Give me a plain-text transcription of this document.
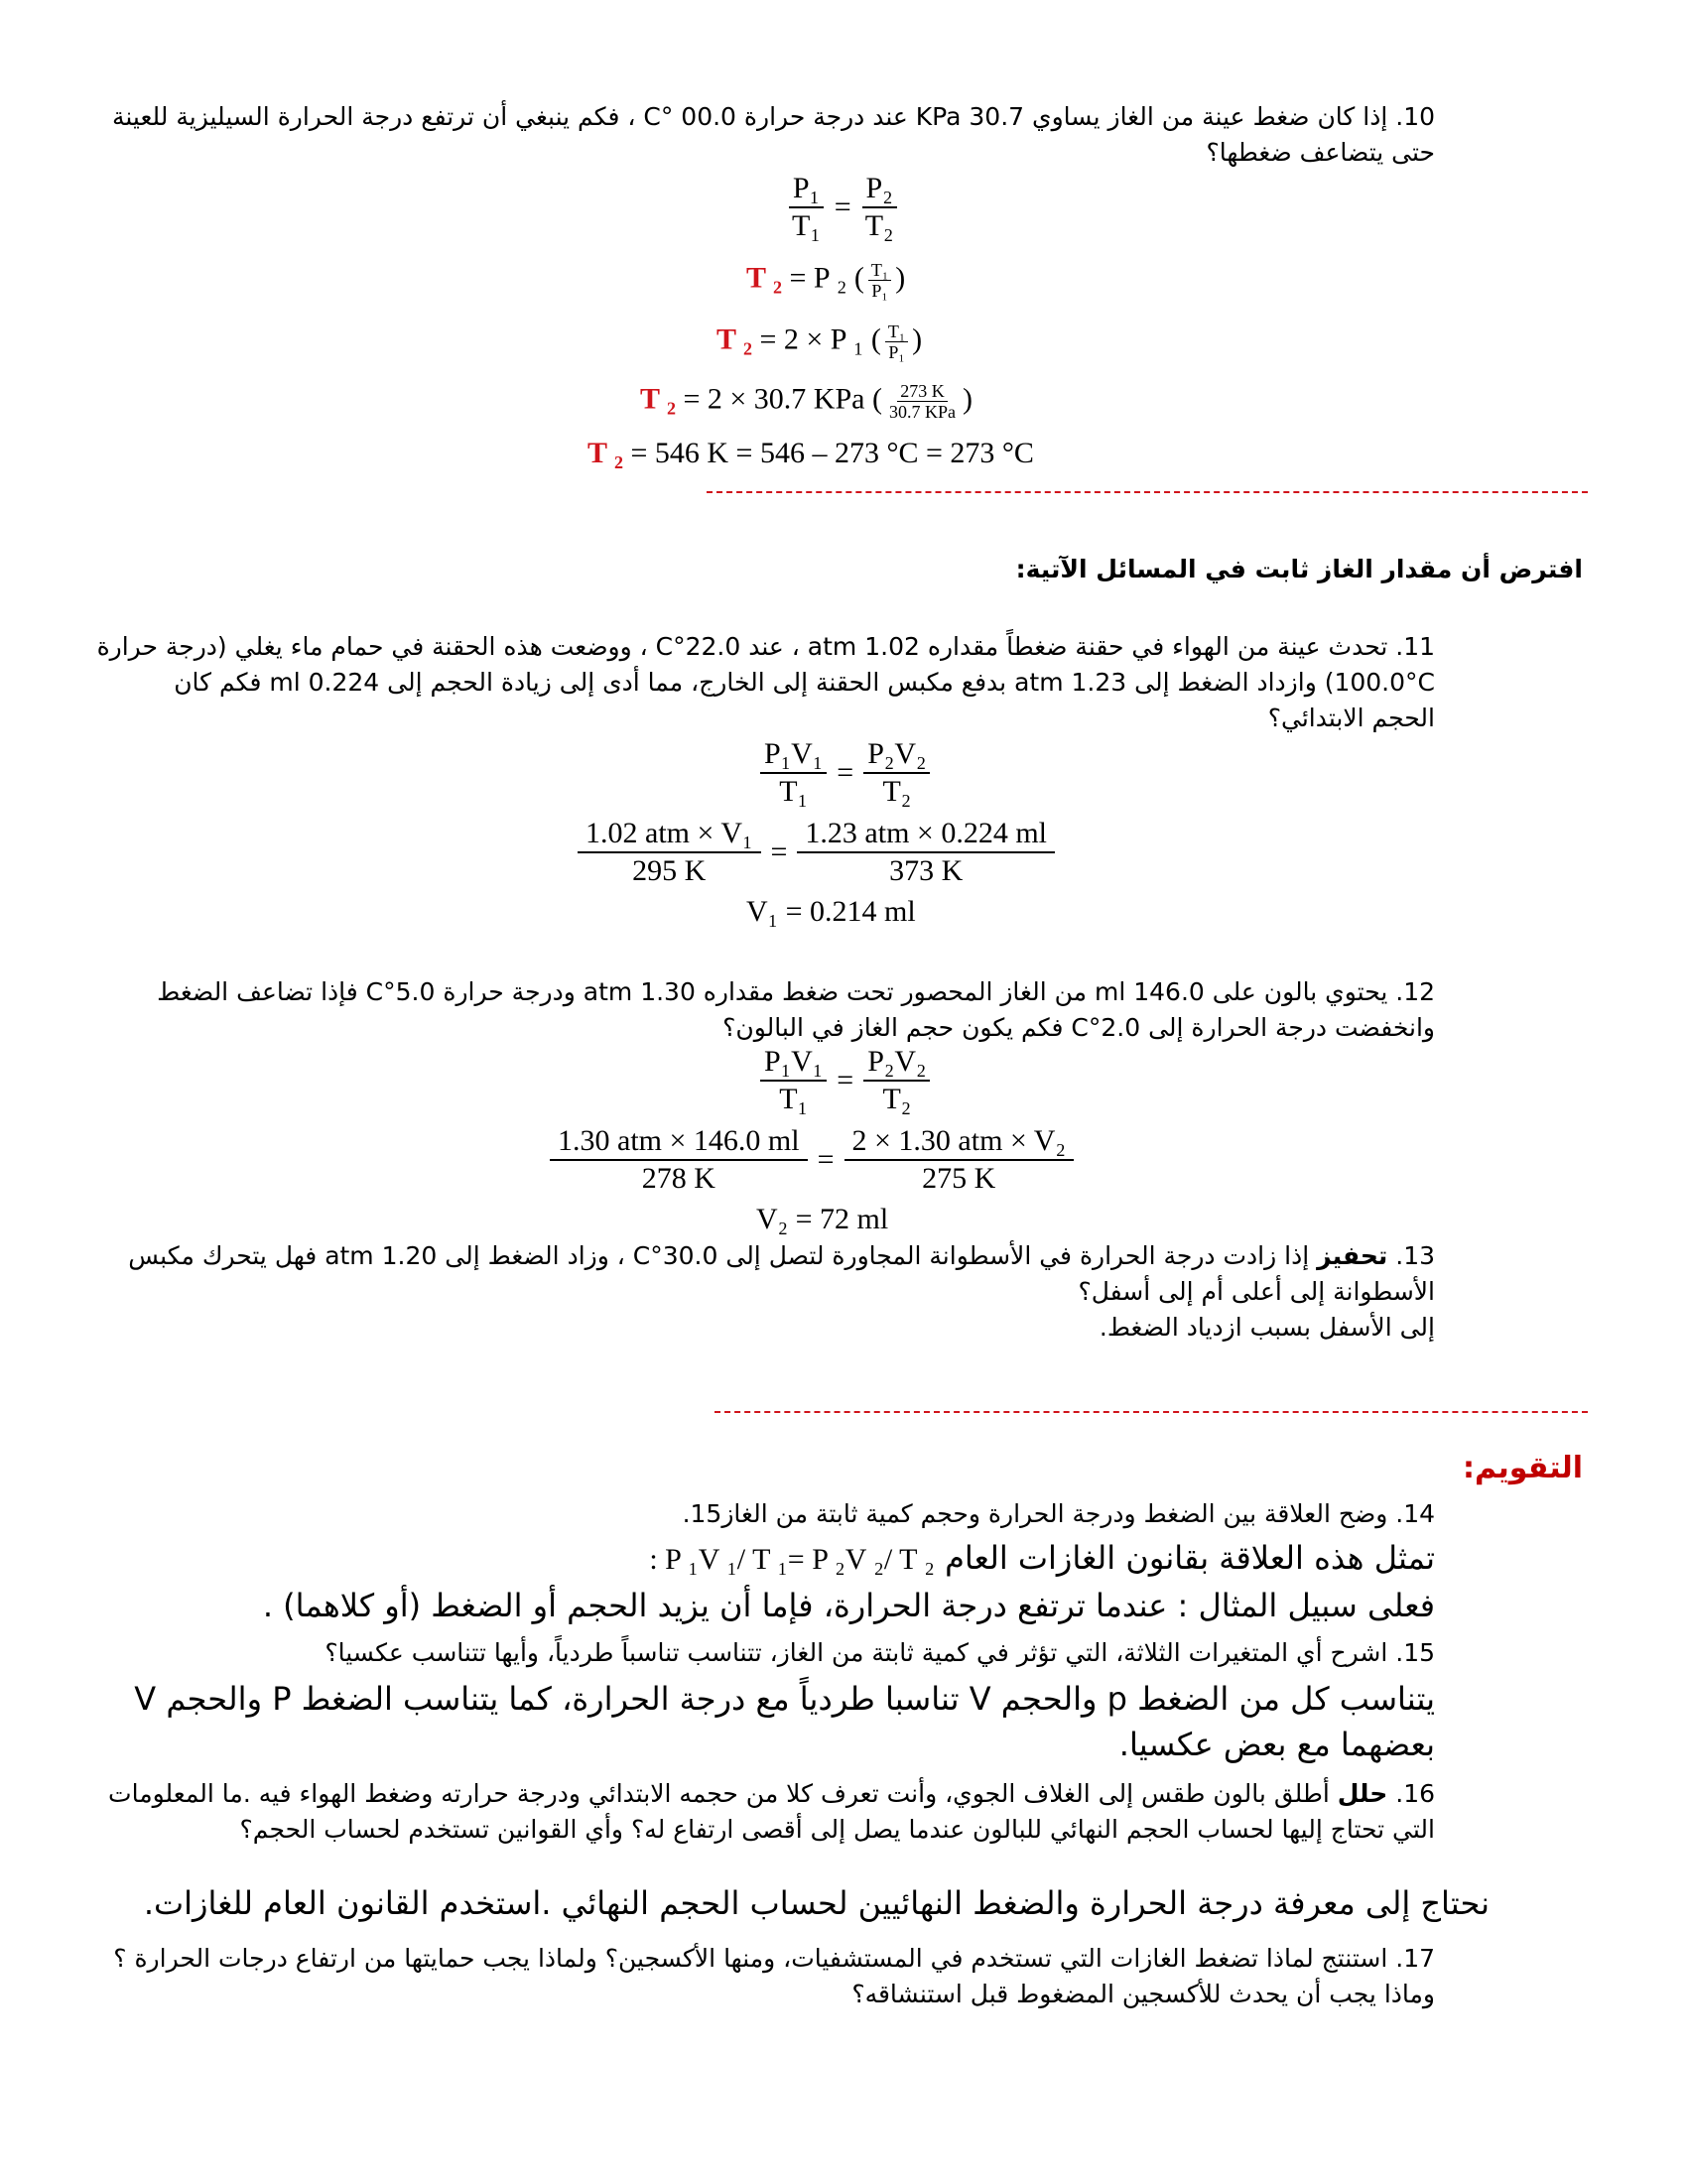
10. إذا كان ضغط عينة من الغاز يساوي 30.7 KPa عند درجة حرارة 00.0 °C ، فكم ينبغي أن ترتفع درجة الحرارة السيليزية للعينة
حتى يتضاعف ضغطها؟
$\frac{\text{P₁}}{\text{T₁}} = \frac{\text{P₂}}{\text{T₂}}$
T ₂ = P ₂ ( $\frac{\text{T₁}}{\text{P₁}}$ )
T ₂ = 2 × P ₁ ( $\frac{\text{T₁}}{\text{P₁}}$ )
T ₂ = 2 × 30.7 KPa ( $\frac{273 K}{\text{30.7 KPa}}$ )
T ₂ = 546 K = 546 – 273 °C = 273 °C
افترض أن مقدار الغاز ثابت في المسائل الآتية:
11. تحدث عينة من الهواء في حقنة ضغطاً مقداره 1.02 atm ، عند 22.0°C ، ووضعت هذه الحقنة في حمام ماء يغلي (درجة حرارة
100.0°C) وازداد الضغط إلى 1.23 atm بدفع مكبس الحقنة إلى الخارج، مما أدى إلى زيادة الحجم إلى 0.224 ml فكم كان
الحجم الابتدائي؟
$\frac{\text{P₁V₁}}{\text{T₁}} = \frac{\text{P₂V₂}}{\text{T₂}}$
$\frac{\text{1.02 atm × V₁}}{295 K} = \frac{\text{1.23 atm × 0.224 ml}}{373 K}$
V₁ = 0.214 ml
12. يحتوي بالون على 146.0 ml من الغاز المحصور تحت ضغط مقداره 1.30 atm ودرجة حرارة 5.0°C فإذا تضاعف الضغط
وانخفضت درجة الحرارة إلى 2.0°C فكم يكون حجم الغاز في البالون؟
$\frac{\text{P₁V₁}}{\text{T₁}} = \frac{\text{P₂V₂}}{\text{T₂}}$
$\frac{\text{1.30 atm × 146.0 ml}}{278 K} = \frac{\text{2 × 1.30 atm × V₂}}{275 K}$
V₂ = 72 ml
13. تحفيز إذا زادت درجة الحرارة في الأسطوانة المجاورة لتصل إلى 30.0°C ، وزاد الضغط إلى 1.20 atm فهل يتحرك مكبس
الأسطوانة إلى أعلى أم إلى أسفل؟
إلى الأسفل بسبب ازدياد الضغط.
التقويم:
14. وضح العلاقة بين الضغط ودرجة الحرارة وحجم كمية ثابتة من الغاز15.
تمثل هذه العلاقة بقانون الغازات العام : P ₁V ₁/ T ₁= P ₂V ₂/ T ₂
فعلى سبيل المثال : عندما ترتفع درجة الحرارة، فإما أن يزيد الحجم أو الضغط (أو كلاهما) .
15. اشرح أي المتغيرات الثلاثة، التي تؤثر في كمية ثابتة من الغاز، تتناسب تناسباً طردياً، وأيها تتناسب عكسيا؟
يتناسب كل من الضغط p والحجم V تناسبا طردياً مع درجة الحرارة، كما يتناسب الضغط P والحجم V
بعضهما مع بعض عكسيا.
16. حلل أطلق بالون طقس إلى الغلاف الجوي، وأنت تعرف كلا من حجمه الابتدائي ودرجة حرارته وضغط الهواء فيه .ما المعلومات
التي تحتاج إليها لحساب الحجم النهائي للبالون عندما يصل إلى أقصى ارتفاع له؟ وأي القوانين تستخدم لحساب الحجم؟
نحتاج إلى معرفة درجة الحرارة والضغط النهائيين لحساب الحجم النهائي .استخدم القانون العام للغازات.
17. استنتج لماذا تضغط الغازات التي تستخدم في المستشفيات، ومنها الأكسجين؟ ولماذا يجب حمايتها من ارتفاع درجات الحرارة ؟
وماذا يجب أن يحدث للأكسجين المضغوط قبل استنشاقه؟
